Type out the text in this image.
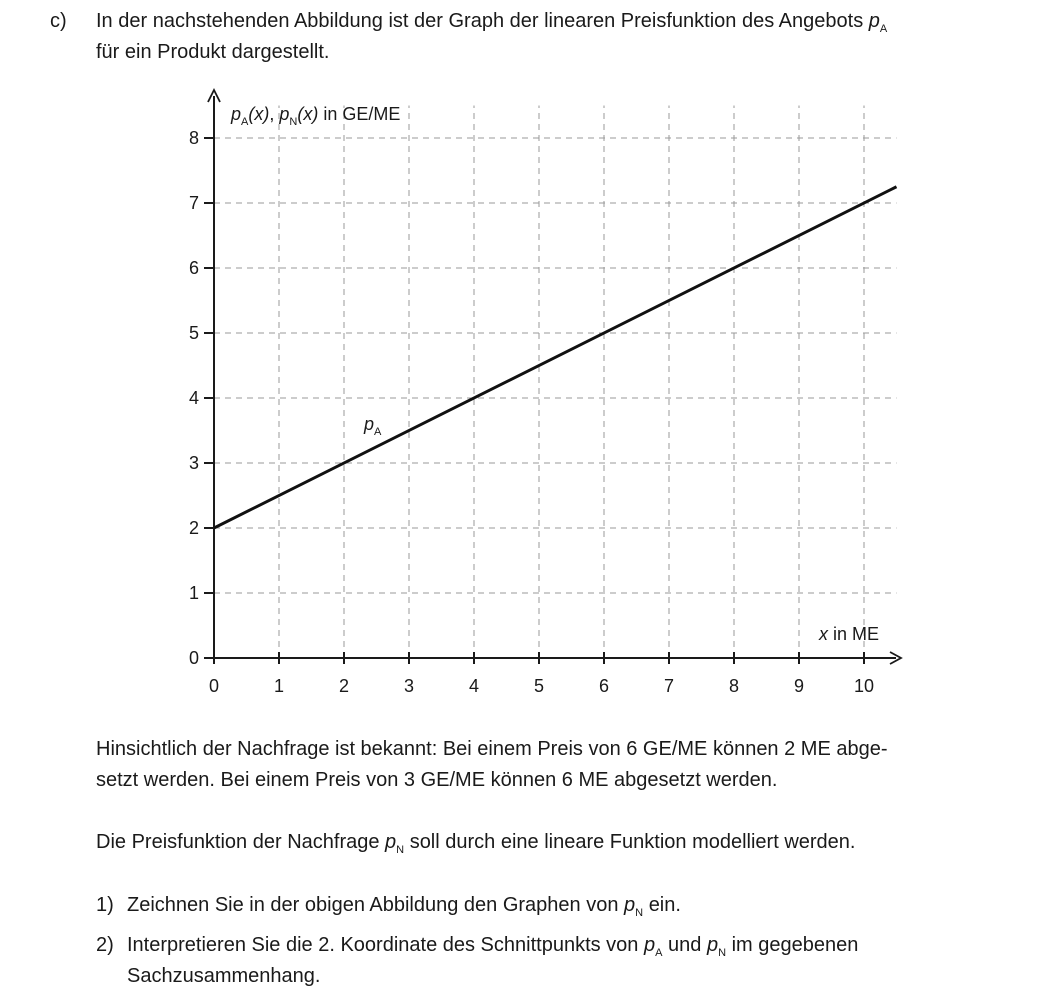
c) In der nachstehenden Abbildung ist der Graph der linearen Preisfunktion des Angebots $p_A$
für ein Produkt dargestellt.
0	1	2	3	4	5	6	7	8	9	10
0
1
2
3
4
5
6
7
8
$p_A(x)$, $p_N(x)$ in GE/ME
x in ME
$p_A$
Hinsichtlich der Nachfrage ist bekannt: Bei einem Preis von 6 GE/ME können 2 ME abge-
setzt werden. Bei einem Preis von 3 GE/ME können 6 ME abgesetzt werden.
Die Preisfunktion der Nachfrage $p_N$ soll durch eine lineare Funktion modelliert werden.
1) Zeichnen Sie in der obigen Abbildung den Graphen von $p_N$ ein.
2) Interpretieren Sie die 2. Koordinate des Schnittpunkts von $p_A$ und $p_N$ im gegebenen
Sachzusammenhang.
